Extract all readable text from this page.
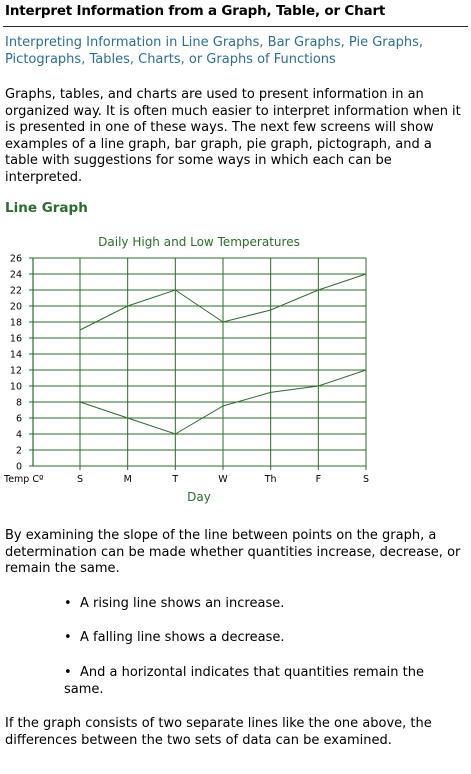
Interpret Information from a Graph, Table, or Chart
Interpreting Information in Line Graphs, Bar Graphs, Pie Graphs, Pictographs, Tables, Charts, or Graphs of Functions
Graphs, tables, and charts are used to present information in an organized way. It is often much easier to interpret information when it is presented in one of these ways. The next few screens will show examples of a line graph, bar graph, pie graph, pictograph, and a table with suggestions for some ways in which each can be interpreted.
Line Graph
Daily High and Low Temperatures
0
2
4
6
8
10
12
14
16
18
20
22
24
26
S	M	T	W	Th	F	S
Temp Cº
Day
By examining the slope of the line between points on the graph, a determination can be made whether quantities increase, decrease, or remain the same.
• A rising line shows an increase.
• A falling line shows a decrease.
• And a horizontal indicates that quantities remain the same.
If the graph consists of two separate lines like the one above, the differences between the two sets of data can be examined.
